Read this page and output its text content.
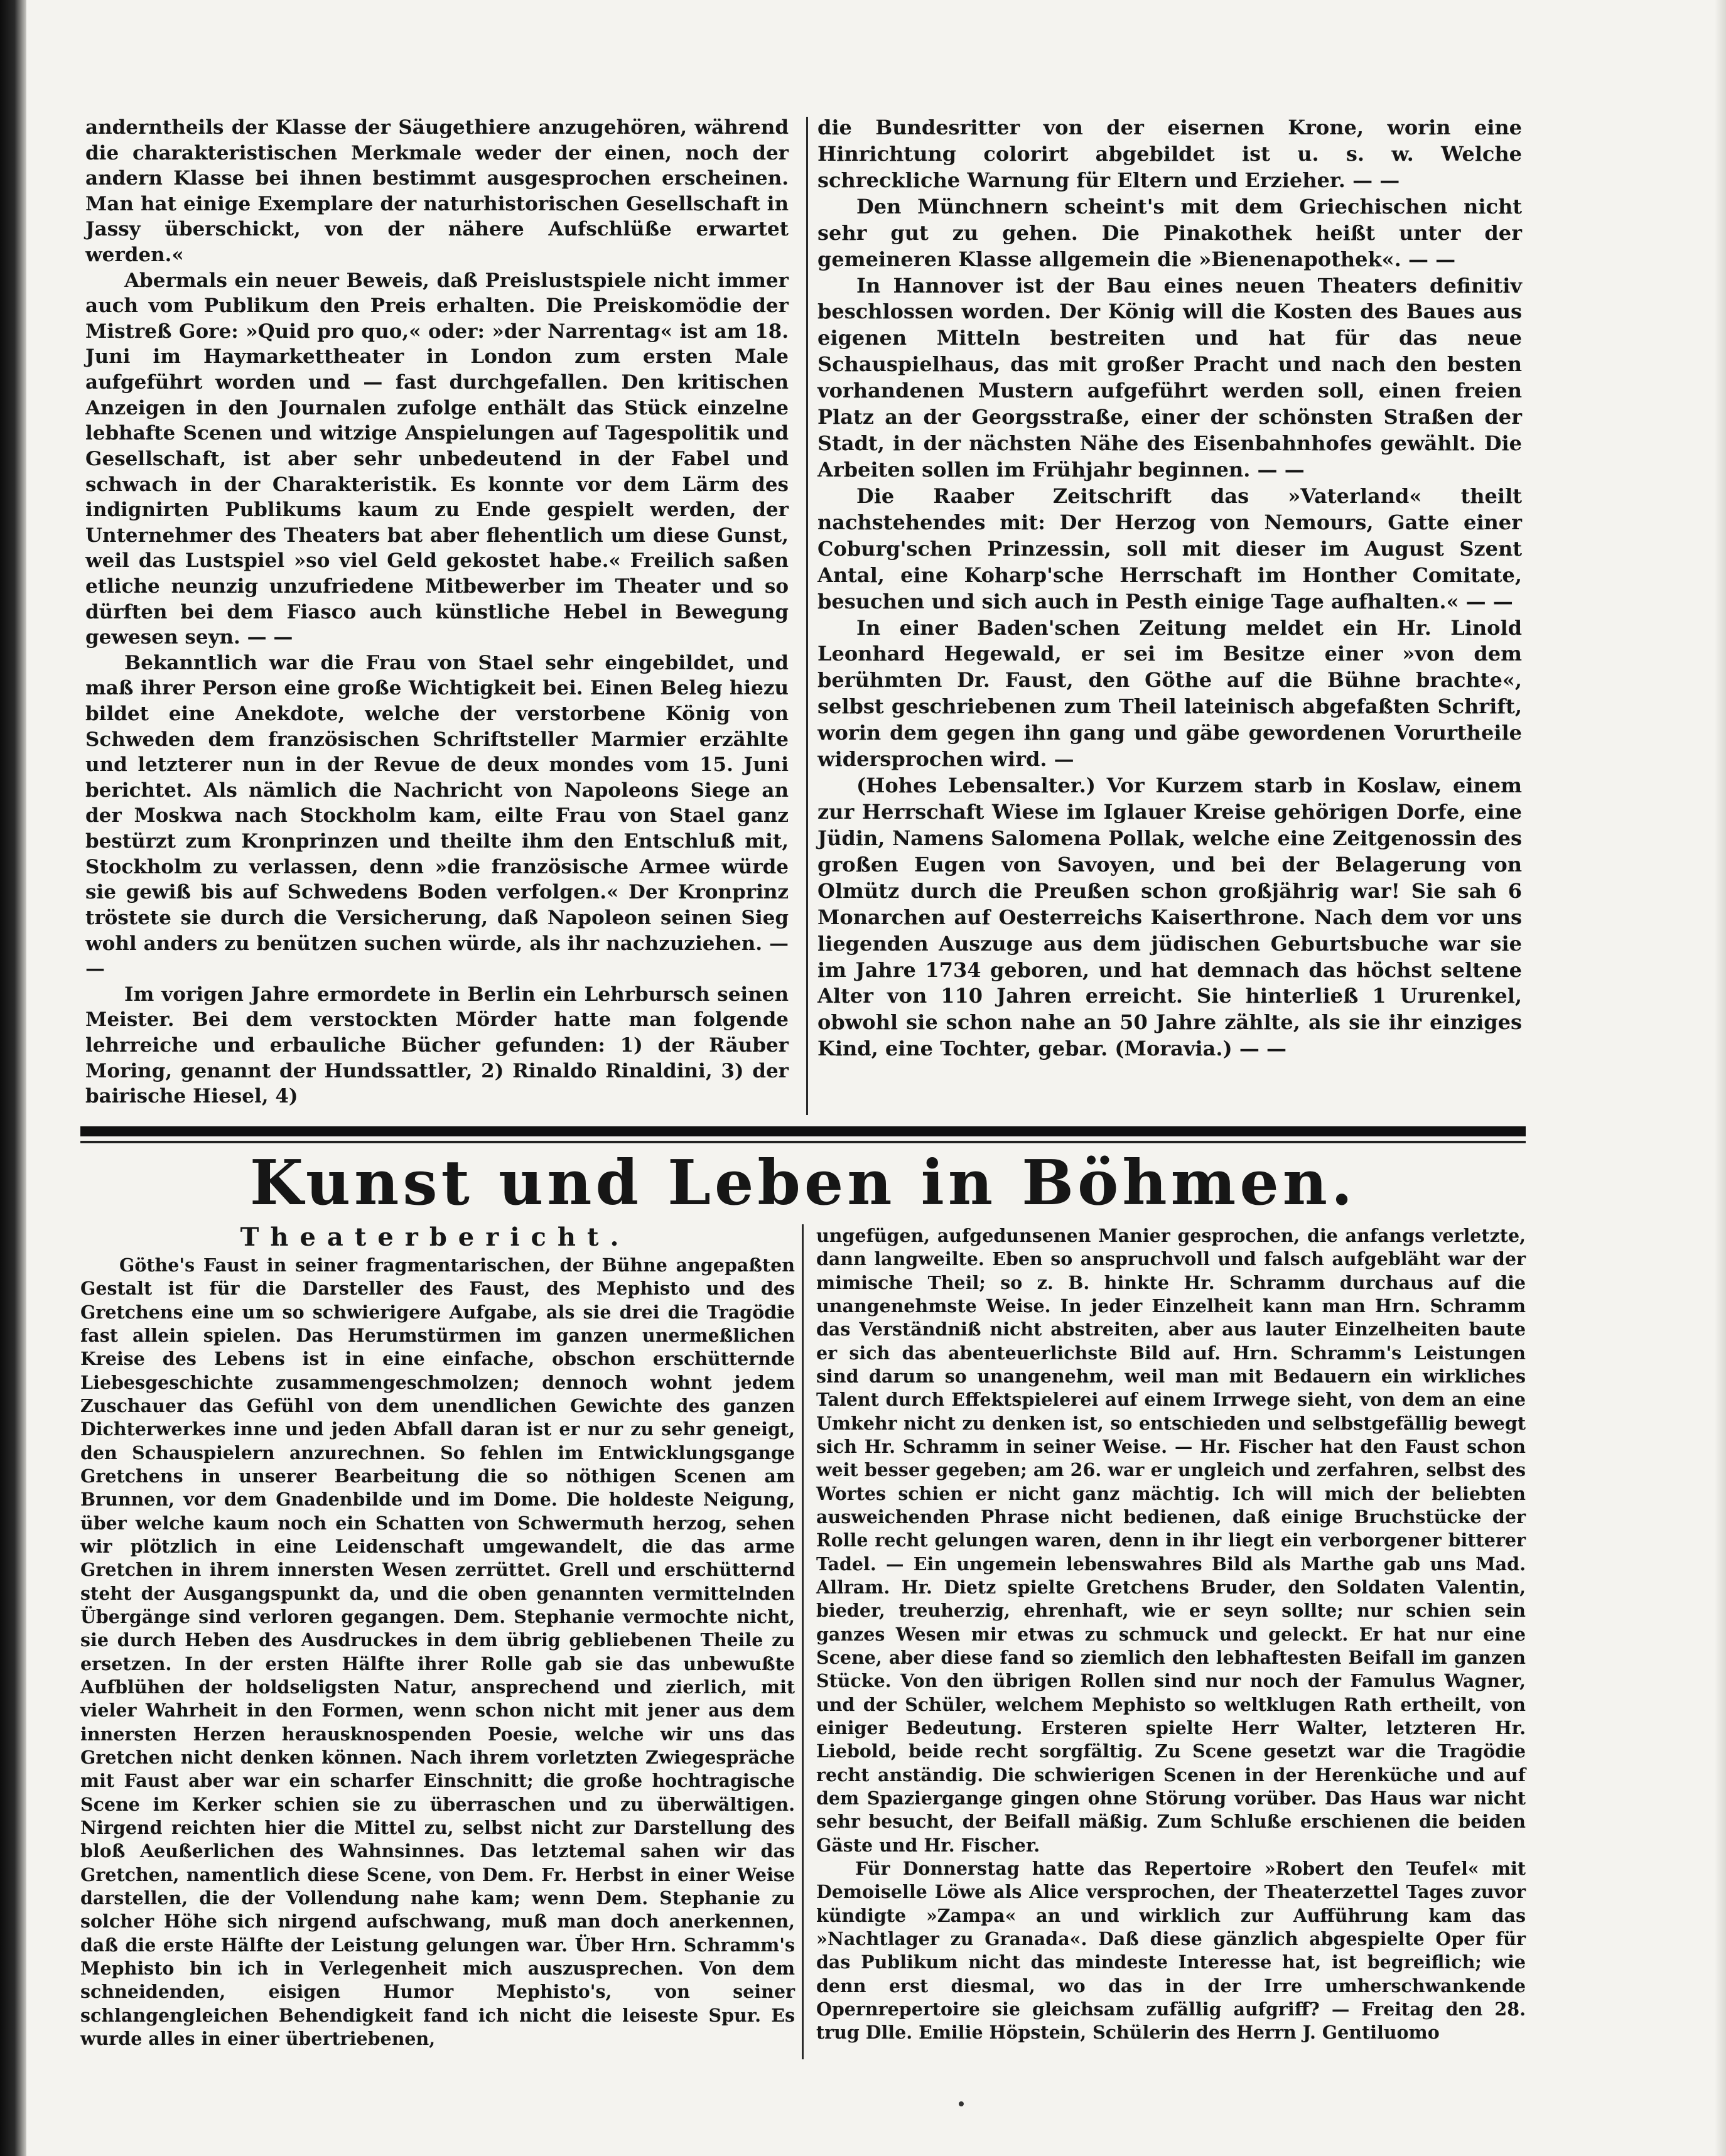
anderntheils der Klasse der Säugethiere anzugehören, während die charakteristischen Merkmale weder der einen, noch der andern Klasse bei ihnen bestimmt ausgesprochen erscheinen. Man hat einige Exemplare der naturhistorischen Gesellschaft in Jassy überschickt, von der nähere Aufschlüße erwartet werden.«

Abermals ein neuer Beweis, daß Preislustspiele nicht immer auch vom Publikum den Preis erhalten. Die Preiskomödie der Mistreß Gore: »Quid pro quo,« oder: »der Narrentag« ist am 18. Juni im Haymarkettheater in London zum ersten Male aufgeführt worden und — fast durchgefallen. Den kritischen Anzeigen in den Journalen zufolge enthält das Stück einzelne lebhafte Scenen und witzige Anspielungen auf Tagespolitik und Gesellschaft, ist aber sehr unbedeutend in der Fabel und schwach in der Charakteristik. Es konnte vor dem Lärm des indignirten Publikums kaum zu Ende gespielt werden, der Unternehmer des Theaters bat aber flehentlich um diese Gunst, weil das Lustspiel »so viel Geld gekostet habe.« Freilich saßen etliche neunzig unzufriedene Mitbewerber im Theater und so dürften bei dem Fiasco auch künstliche Hebel in Bewegung gewesen seyn. — —

Bekanntlich war die Frau von Stael sehr eingebildet, und maß ihrer Person eine große Wichtigkeit bei. Einen Beleg hiezu bildet eine Anekdote, welche der verstorbene König von Schweden dem französischen Schriftsteller Marmier erzählte und letzterer nun in der Revue de deux mondes vom 15. Juni berichtet. Als nämlich die Nachricht von Napoleons Siege an der Moskwa nach Stockholm kam, eilte Frau von Stael ganz bestürzt zum Kronprinzen und theilte ihm den Entschluß mit, Stockholm zu verlassen, denn »die französische Armee würde sie gewiß bis auf Schwedens Boden verfolgen.« Der Kronprinz tröstete sie durch die Versicherung, daß Napoleon seinen Sieg wohl anders zu benützen suchen würde, als ihr nachzuziehen. — —

Im vorigen Jahre ermordete in Berlin ein Lehrbursch seinen Meister. Bei dem verstockten Mörder hatte man folgende lehrreiche und erbauliche Bücher gefunden: 1) der Räuber Moring, genannt der Hundssattler, 2) Rinaldo Rinaldini, 3) der bairische Hiesel, 4)

die Bundesritter von der eisernen Krone, worin eine Hinrichtung colorirt abgebildet ist u. s. w. Welche schreckliche Warnung für Eltern und Erzieher. — —

Den Münchnern scheint's mit dem Griechischen nicht sehr gut zu gehen. Die Pinakothek heißt unter der gemeineren Klasse allgemein die »Bienenapothek«. — —

In Hannover ist der Bau eines neuen Theaters definitiv beschlossen worden. Der König will die Kosten des Baues aus eigenen Mitteln bestreiten und hat für das neue Schauspielhaus, das mit großer Pracht und nach den besten vorhandenen Mustern aufgeführt werden soll, einen freien Platz an der Georgsstraße, einer der schönsten Straßen der Stadt, in der nächsten Nähe des Eisenbahnhofes gewählt. Die Arbeiten sollen im Frühjahr beginnen. — —

Die Raaber Zeitschrift das »Vaterland« theilt nachstehendes mit: Der Herzog von Nemours, Gatte einer Coburg'schen Prinzessin, soll mit dieser im August Szent Antal, eine Koharp'sche Herrschaft im Honther Comitate, besuchen und sich auch in Pesth einige Tage aufhalten.« — —

In einer Baden'schen Zeitung meldet ein Hr. Linold Leonhard Hegewald, er sei im Besitze einer »von dem berühmten Dr. Faust, den Göthe auf die Bühne brachte«, selbst geschriebenen zum Theil lateinisch abgefaßten Schrift, worin dem gegen ihn gang und gäbe gewordenen Vorurtheile widersprochen wird. —

(Hohes Lebensalter.) Vor Kurzem starb in Koslaw, einem zur Herrschaft Wiese im Iglauer Kreise gehörigen Dorfe, eine Jüdin, Namens Salomena Pollak, welche eine Zeitgenossin des großen Eugen von Savoyen, und bei der Belagerung von Olmütz durch die Preußen schon großjährig war! Sie sah 6 Monarchen auf Oesterreichs Kaiserthrone. Nach dem vor uns liegenden Auszuge aus dem jüdischen Geburtsbuche war sie im Jahre 1734 geboren, und hat demnach das höchst seltene Alter von 110 Jahren erreicht. Sie hinterließ 1 Ururenkel, obwohl sie schon nahe an 50 Jahre zählte, als sie ihr einziges Kind, eine Tochter, gebar. (Moravia.) — —

Kunst und Leben in Böhmen.
Theaterbericht.

Göthe's Faust in seiner fragmentarischen, der Bühne angepaßten Gestalt ist für die Darsteller des Faust, des Mephisto und des Gretchens eine um so schwierigere Aufgabe, als sie drei die Tragödie fast allein spielen. Das Herumstürmen im ganzen unermeßlichen Kreise des Lebens ist in eine einfache, obschon erschütternde Liebesgeschichte zusammengeschmolzen; dennoch wohnt jedem Zuschauer das Gefühl von dem unendlichen Gewichte des ganzen Dichterwerkes inne und jeden Abfall daran ist er nur zu sehr geneigt, den Schauspielern anzurechnen. So fehlen im Entwicklungsgange Gretchens in unserer Bearbeitung die so nöthigen Scenen am Brunnen, vor dem Gnadenbilde und im Dome. Die holdeste Neigung, über welche kaum noch ein Schatten von Schwermuth herzog, sehen wir plötzlich in eine Leidenschaft umgewandelt, die das arme Gretchen in ihrem innersten Wesen zerrüttet. Grell und erschütternd steht der Ausgangspunkt da, und die oben genannten vermittelnden Übergänge sind verloren gegangen. Dem. Stephanie vermochte nicht, sie durch Heben des Ausdruckes in dem übrig gebliebenen Theile zu ersetzen. In der ersten Hälfte ihrer Rolle gab sie das unbewußte Aufblühen der holdseligsten Natur, ansprechend und zierlich, mit vieler Wahrheit in den Formen, wenn schon nicht mit jener aus dem innersten Herzen herausknospenden Poesie, welche wir uns das Gretchen nicht denken können. Nach ihrem vorletzten Zwiegespräche mit Faust aber war ein scharfer Einschnitt; die große hochtragische Scene im Kerker schien sie zu überraschen und zu überwältigen. Nirgend reichten hier die Mittel zu, selbst nicht zur Darstellung des bloß Aeußerlichen des Wahnsinnes. Das letztemal sahen wir das Gretchen, namentlich diese Scene, von Dem. Fr. Herbst in einer Weise darstellen, die der Vollendung nahe kam; wenn Dem. Stephanie zu solcher Höhe sich nirgend aufschwang, muß man doch anerkennen, daß die erste Hälfte der Leistung gelungen war. Über Hrn. Schramm's Mephisto bin ich in Verlegenheit mich auszusprechen. Von dem schneidenden, eisigen Humor Mephisto's, von seiner schlangengleichen Behendigkeit fand ich nicht die leiseste Spur. Es wurde alles in einer übertriebenen,

ungefügen, aufgedunsenen Manier gesprochen, die anfangs verletzte, dann langweilte. Eben so anspruchvoll und falsch aufgebläht war der mimische Theil; so z. B. hinkte Hr. Schramm durchaus auf die unangenehmste Weise. In jeder Einzelheit kann man Hrn. Schramm das Verständniß nicht abstreiten, aber aus lauter Einzelheiten baute er sich das abenteuerlichste Bild auf. Hrn. Schramm's Leistungen sind darum so unangenehm, weil man mit Bedauern ein wirkliches Talent durch Effektspielerei auf einem Irrwege sieht, von dem an eine Umkehr nicht zu denken ist, so entschieden und selbstgefällig bewegt sich Hr. Schramm in seiner Weise. — Hr. Fischer hat den Faust schon weit besser gegeben; am 26. war er ungleich und zerfahren, selbst des Wortes schien er nicht ganz mächtig. Ich will mich der beliebten ausweichenden Phrase nicht bedienen, daß einige Bruchstücke der Rolle recht gelungen waren, denn in ihr liegt ein verborgener bitterer Tadel. — Ein ungemein lebenswahres Bild als Marthe gab uns Mad. Allram. Hr. Dietz spielte Gretchens Bruder, den Soldaten Valentin, bieder, treuherzig, ehrenhaft, wie er seyn sollte; nur schien sein ganzes Wesen mir etwas zu schmuck und geleckt. Er hat nur eine Scene, aber diese fand so ziemlich den lebhaftesten Beifall im ganzen Stücke. Von den übrigen Rollen sind nur noch der Famulus Wagner, und der Schüler, welchem Mephisto so weltklugen Rath ertheilt, von einiger Bedeutung. Ersteren spielte Herr Walter, letzteren Hr. Liebold, beide recht sorgfältig. Zu Scene gesetzt war die Tragödie recht anständig. Die schwierigen Scenen in der Herenküche und auf dem Spaziergange gingen ohne Störung vorüber. Das Haus war nicht sehr besucht, der Beifall mäßig. Zum Schluße erschienen die beiden Gäste und Hr. Fischer.

Für Donnerstag hatte das Repertoire »Robert den Teufel« mit Demoiselle Löwe als Alice versprochen, der Theaterzettel Tages zuvor kündigte »Zampa« an und wirklich zur Aufführung kam das »Nachtlager zu Granada«. Daß diese gänzlich abgespielte Oper für das Publikum nicht das mindeste Interesse hat, ist begreiflich; wie denn erst diesmal, wo das in der Irre umherschwankende Opernrepertoire sie gleichsam zufällig aufgriff? — Freitag den 28. trug Dlle. Emilie Höpstein, Schülerin des Herrn J. Gentiluomo
